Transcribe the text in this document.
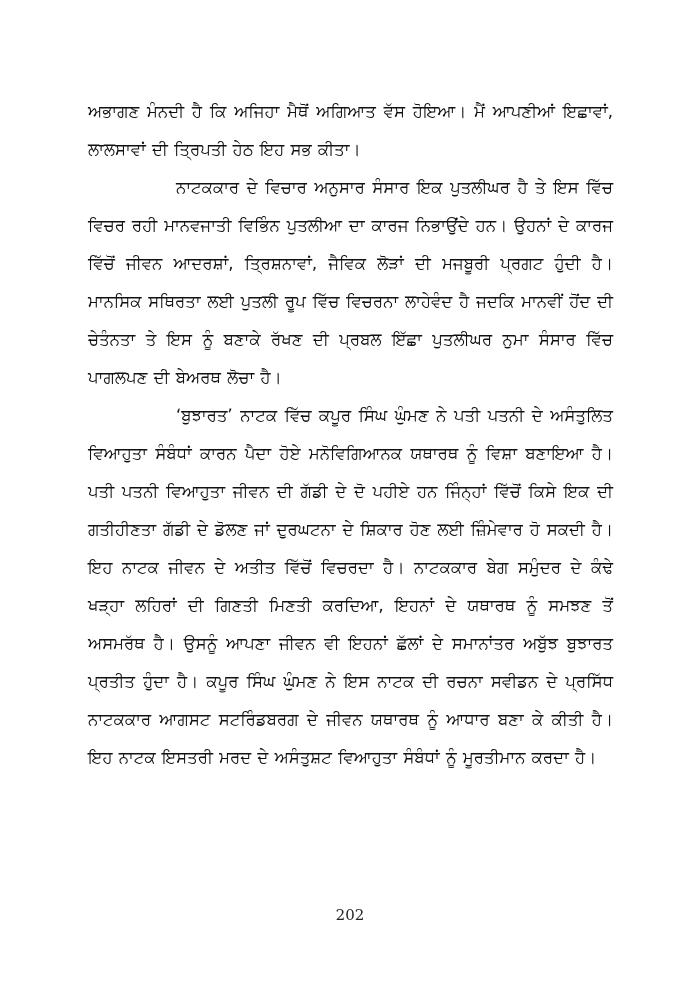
ਅਭਾਗਣ ਮੰਨਦੀ ਹੈ ਕਿ ਅਜਿਹਾ ਮੈਥੋਂ ਅਗਿਆਤ ਵੱਸ ਹੋਇਆ। ਮੈਂ ਆਪਣੀਆਂ ਇਛਾਵਾਂ, ਲਾਲਸਾਵਾਂ ਦੀ ਤ੍ਰਿਪਤੀ ਹੇਠ ਇਹ ਸਭ ਕੀਤਾ।

ਨਾਟਕਕਾਰ ਦੇ ਵਿਚਾਰ ਅਨੁਸਾਰ ਸੰਸਾਰ ਇਕ ਪੁਤਲੀਘਰ ਹੈ ਤੇ ਇਸ ਵਿੱਚ ਵਿਚਰ ਰਹੀ ਮਾਨਵਜਾਤੀ ਵਿਭਿੰਨ ਪੁਤਲੀਆ ਦਾ ਕਾਰਜ ਨਿਭਾਉਂਦੇ ਹਨ। ਉਹਨਾਂ ਦੇ ਕਾਰਜ ਵਿੱਚੋਂ ਜੀਵਨ ਆਦਰਸ਼ਾਂ, ਤ੍ਰਿਸ਼ਨਾਵਾਂ, ਜੈਵਿਕ ਲੋੜਾਂ ਦੀ ਮਜਬੂਰੀ ਪ੍ਰਗਟ ਹੁੰਦੀ ਹੈ। ਮਾਨਸਿਕ ਸਥਿਰਤਾ ਲਈ ਪੁਤਲੀ ਰੂਪ ਵਿੱਚ ਵਿਚਰਨਾ ਲਾਹੇਵੰਦ ਹੈ ਜਦਕਿ ਮਾਨਵੀਂ ਹੋਂਦ ਦੀ ਚੇਤੰਨਤਾ ਤੇ ਇਸ ਨੂੰ ਬਣਾਕੇ ਰੱਖਣ ਦੀ ਪ੍ਰਬਲ ਇੱਛਾ ਪੁਤਲੀਘਰ ਨੁਮਾ ਸੰਸਾਰ ਵਿੱਚ ਪਾਗਲਪਣ ਦੀ ਬੇਅਰਥ ਲੋਚਾ ਹੈ।

‘ਬੁਝਾਰਤ’ ਨਾਟਕ ਵਿੱਚ ਕਪੂਰ ਸਿੰਘ ਘੁੰਮਣ ਨੇ ਪਤੀ ਪਤਨੀ ਦੇ ਅਸੰਤੁਲਿਤ ਵਿਆਹੁਤਾ ਸੰਬੰਧਾਂ ਕਾਰਨ ਪੈਦਾ ਹੋਏ ਮਨੋਵਿਗਿਆਨਕ ਯਥਾਰਥ ਨੂੰ ਵਿਸ਼ਾ ਬਣਾਇਆ ਹੈ। ਪਤੀ ਪਤਨੀ ਵਿਆਹੁਤਾ ਜੀਵਨ ਦੀ ਗੱਡੀ ਦੇ ਦੋ ਪਹੀਏ ਹਨ ਜਿੰਨ੍ਹਾਂ ਵਿੱਚੋਂ ਕਿਸੇ ਇਕ ਦੀ ਗਤੀਹੀਣਤਾ ਗੱਡੀ ਦੇ ਡੋਲਣ ਜਾਂ ਦੁਰਘਟਨਾ ਦੇ ਸ਼ਿਕਾਰ ਹੋਣ ਲਈ ਜ਼ਿੰਮੇਵਾਰ ਹੋ ਸਕਦੀ ਹੈ। ਇਹ ਨਾਟਕ ਜੀਵਨ ਦੇ ਅਤੀਤ ਵਿੱਚੋਂ ਵਿਚਰਦਾ ਹੈ। ਨਾਟਕਕਾਰ ਬੇਗ ਸਮੁੰਦਰ ਦੇ ਕੰਢੇ ਖੜ੍ਹਾ ਲਹਿਰਾਂ ਦੀ ਗਿਣਤੀ ਮਿਣਤੀ ਕਰਦਿਆ, ਇਹਨਾਂ ਦੇ ਯਥਾਰਥ ਨੂੰ ਸਮਝਣ ਤੋਂ ਅਸਮਰੱਥ ਹੈ। ਉਸਨੂੰ ਆਪਣਾ ਜੀਵਨ ਵੀ ਇਹਨਾਂ ਛੱਲਾਂ ਦੇ ਸਮਾਨਾਂਤਰ ਅਬੁੱਝ ਬੁਝਾਰਤ ਪ੍ਰਤੀਤ ਹੁੰਦਾ ਹੈ। ਕਪੂਰ ਸਿੰਘ ਘੁੰਮਣ ਨੇ ਇਸ ਨਾਟਕ ਦੀ ਰਚਨਾ ਸਵੀਡਨ ਦੇ ਪ੍ਰਸਿੱਧ ਨਾਟਕਕਾਰ ਆਗਸਟ ਸਟਰਿੰਡਬਰਗ ਦੇ ਜੀਵਨ ਯਥਾਰਥ ਨੂੰ ਆਧਾਰ ਬਣਾ ਕੇ ਕੀਤੀ ਹੈ। ਇਹ ਨਾਟਕ ਇਸਤਰੀ ਮਰਦ ਦੇ ਅਸੰਤੁਸ਼ਟ ਵਿਆਹੁਤਾ ਸੰਬੰਧਾਂ ਨੂੰ ਮੂਰਤੀਮਾਨ ਕਰਦਾ ਹੈ।

202
